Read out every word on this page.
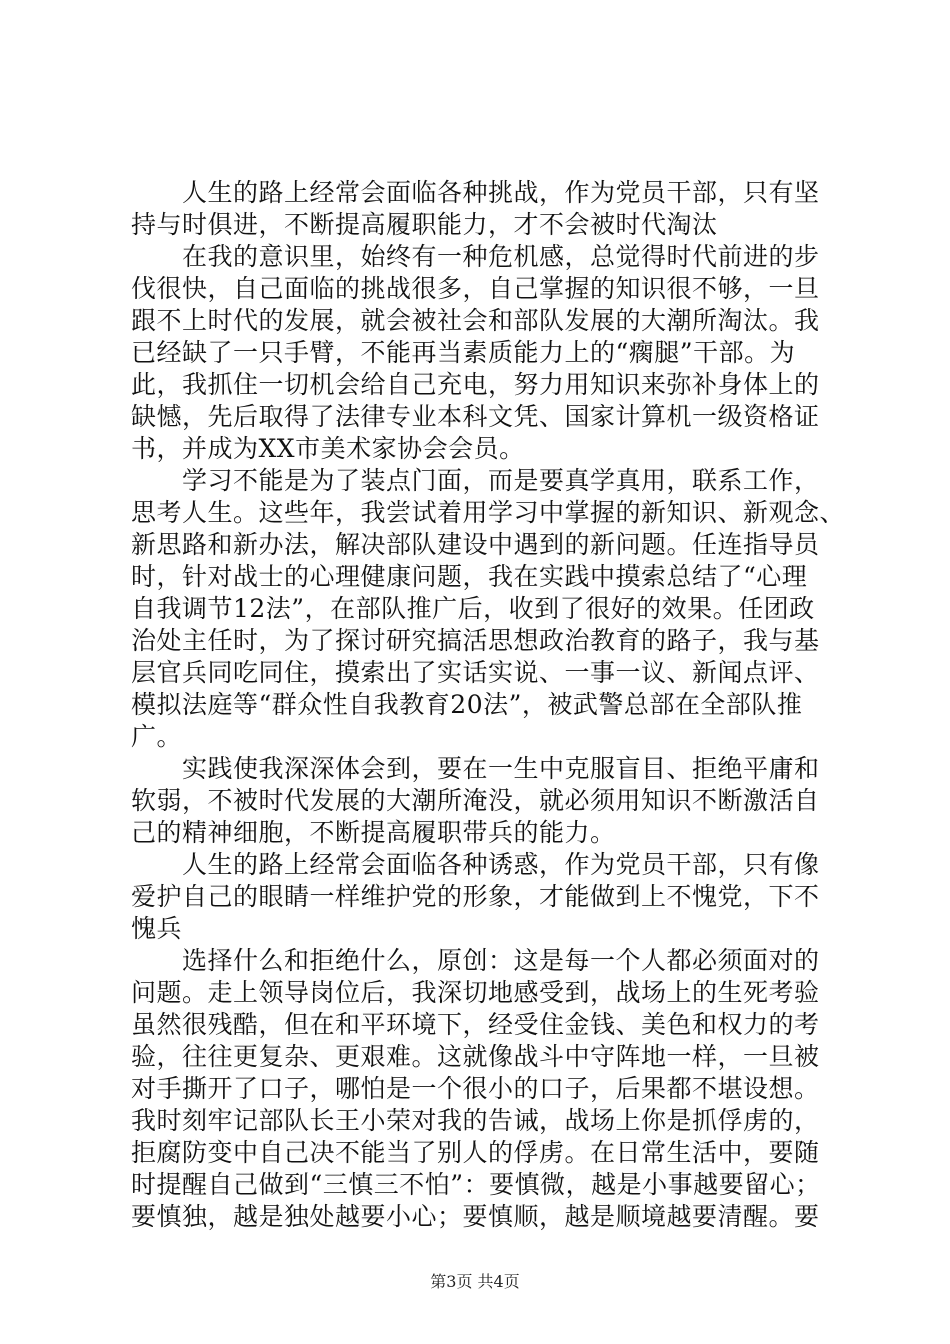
　　人生的路上经常会面临各种挑战，作为党员干部，只有坚
持与时俱进，不断提高履职能力，才不会被时代淘汰
　　在我的意识里，始终有一种危机感，总觉得时代前进的步
伐很快，自己面临的挑战很多，自己掌握的知识很不够，一旦
跟不上时代的发展，就会被社会和部队发展的大潮所淘汰。我
已经缺了一只手臂，不能再当素质能力上的“瘸腿”干部。为
此，我抓住一切机会给自己充电，努力用知识来弥补身体上的
缺憾，先后取得了法律专业本科文凭、国家计算机一级资格证
书，并成为XX市美术家协会会员。
　　学习不能是为了装点门面，而是要真学真用，联系工作，
思考人生。这些年，我尝试着用学习中掌握的新知识、新观念、
新思路和新办法，解决部队建设中遇到的新问题。任连指导员
时，针对战士的心理健康问题，我在实践中摸索总结了“心理
自我调节12法”，在部队推广后，收到了很好的效果。任团政
治处主任时，为了探讨研究搞活思想政治教育的路子，我与基
层官兵同吃同住，摸索出了实话实说、一事一议、新闻点评、
模拟法庭等“群众性自我教育20法”，被武警总部在全部队推
广。
　　实践使我深深体会到，要在一生中克服盲目、拒绝平庸和
软弱，不被时代发展的大潮所淹没，就必须用知识不断激活自
己的精神细胞，不断提高履职带兵的能力。
　　人生的路上经常会面临各种诱惑，作为党员干部，只有像
爱护自己的眼睛一样维护党的形象，才能做到上不愧党，下不
愧兵
　　选择什么和拒绝什么，原创：这是每一个人都必须面对的
问题。走上领导岗位后，我深切地感受到，战场上的生死考验
虽然很残酷，但在和平环境下，经受住金钱、美色和权力的考
验，往往更复杂、更艰难。这就像战斗中守阵地一样，一旦被
对手撕开了口子，哪怕是一个很小的口子，后果都不堪设想。
我时刻牢记部队长王小荣对我的告诫，战场上你是抓俘虏的，
拒腐防变中自己决不能当了别人的俘虏。在日常生活中，要随
时提醒自己做到“三慎三不怕”：要慎微，越是小事越要留心；
要慎独，越是独处越要小心；要慎顺，越是顺境越要清醒。要
第3页 共4页
